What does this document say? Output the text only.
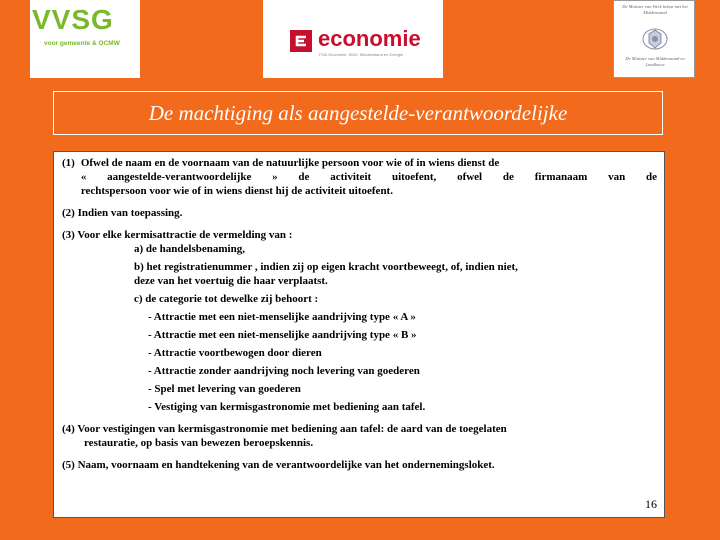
VVSG
voor gemeente & OCMW	economie
FOD Economie, KMO, Middenstand en Energie
De Minister van Werk belast met het Middenstand
De Minister van Middenstand en Landbouw
De machtiging als aangestelde-verantwoordelijke
(1) Ofwel de naam en de voornaam van de natuurlijke persoon voor wie of in wiens dienst de
« aangestelde-verantwoordelijke » de activiteit uitoefent, ofwel de firmanaam van de
rechtspersoon voor wie of in wiens dienst hij de activiteit uitoefent.
(2) Indien van toepassing.
(3) Voor elke kermisattractie de vermelding van :
a) de handelsbenaming,
b) het registratienummer , indien zij op eigen kracht voortbeweegt, of, indien niet,
deze van het voertuig die haar verplaatst.
c) de categorie tot dewelke zij behoort :
- Attractie met een niet-menselijke aandrijving type « A »
- Attractie met een niet-menselijke aandrijving type « B »
- Attractie voortbewogen door dieren
- Attractie zonder aandrijving noch levering van goederen
- Spel met levering van goederen
- Vestiging van kermisgastronomie met bediening aan tafel.
(4) Voor vestigingen van kermisgastronomie met bediening aan tafel: de aard van de toegelaten
restauratie, op basis van bewezen beroepskennis.
(5) Naam, voornaam en handtekening van de verantwoordelijke van het ondernemingsloket.
16
